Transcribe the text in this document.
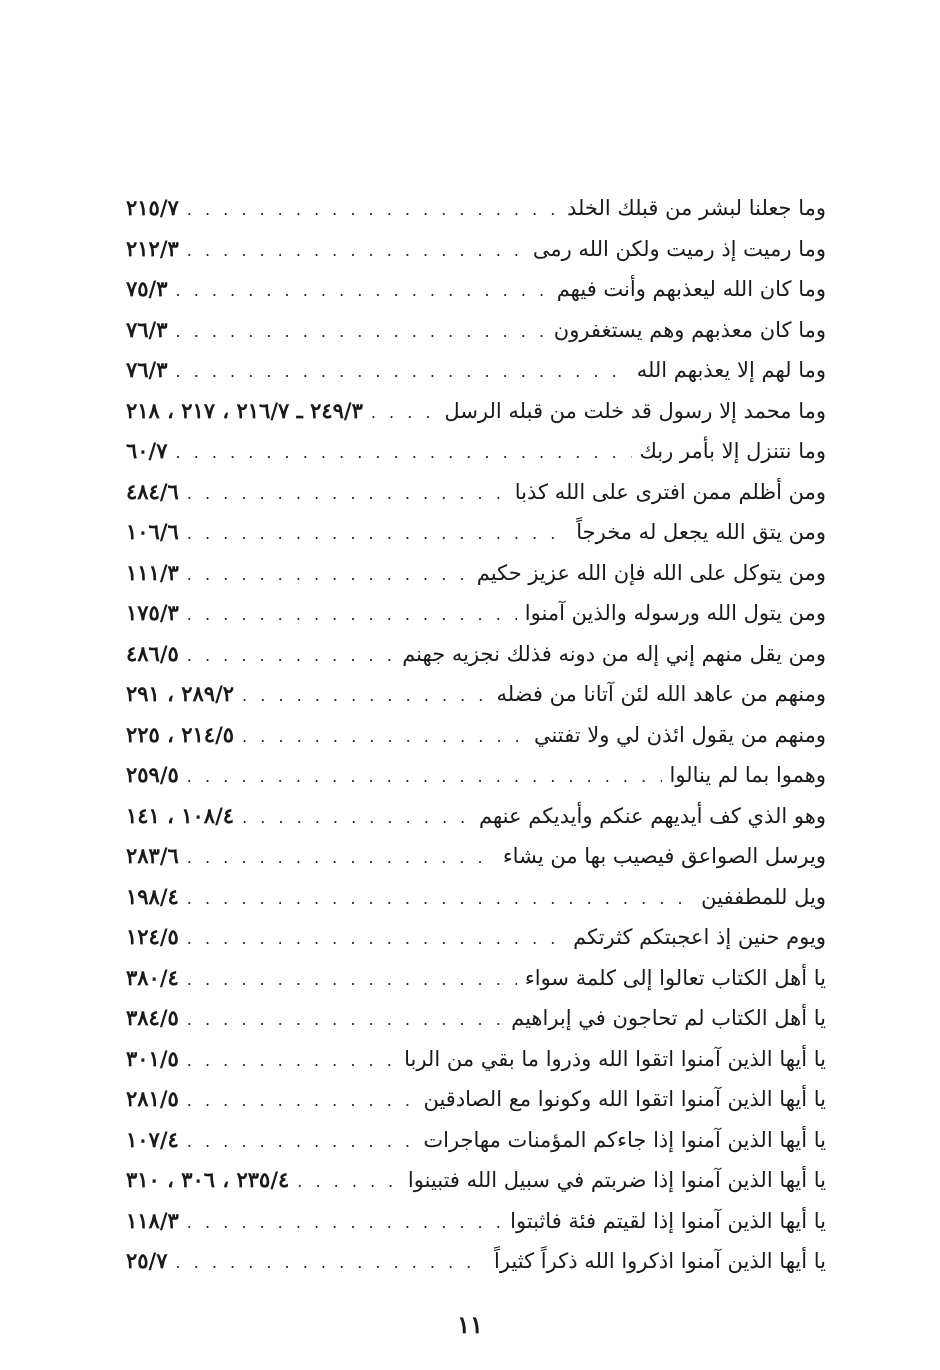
وما جعلنا لبشر من قبلك الخلد
. . .
٢١٥/٧
وما رميت إذ رميت ولكن الله رمى
. . .
٢١٢/٣
وما كان الله ليعذبهم وأنت فيهم
. . .
٧٥/٣
وما كان معذبهم وهم يستغفرون
. . .
٧٦/٣
وما لهم إلا يعذبهم الله
. . .
٧٦/٣
وما محمد إلا رسول قد خلت من قبله الرسل
. . .
٢٤٩/٣ ـ ٢١٦/٧ ، ٢١٧ ، ٢١٨
وما نتنزل إلا بأمر ربك
. . .
٦٠/٧
ومن أظلم ممن افترى على الله كذبا
. . .
٤٨٤/٦
ومن يتق الله يجعل له مخرجاً
. . .
١٠٦/٦
ومن يتوكل على الله فإن الله عزيز حكيم
. . .
١١١/٣
ومن يتول الله ورسوله والذين آمنوا
. . .
١٧٥/٣
ومن يقل منهم إني إله من دونه فذلك نجزيه جهنم
. . .
٤٨٦/٥
ومنهم من عاهد الله لئن آتانا من فضله
. . .
٢٨٩/٢ ، ٢٩١
ومنهم من يقول ائذن لي ولا تفتني
. . .
٢١٤/٥ ، ٢٢٥
وهموا بما لم ينالوا
. . .
٢٥٩/٥
وهو الذي كف أيديهم عنكم وأيديكم عنهم
. . .
١٠٨/٤ ، ١٤١
ويرسل الصواعق فيصيب بها من يشاء
. . .
٢٨٣/٦
ويل للمطففين
. . .
١٩٨/٤
ويوم حنين إذ اعجبتكم كثرتكم
. . .
١٢٤/٥
يا أهل الكتاب تعالوا إلى كلمة سواء
. . .
٣٨٠/٤
يا أهل الكتاب لم تحاجون في إبراهيم
. . .
٣٨٤/٥
يا أيها الذين آمنوا اتقوا الله وذروا ما بقي من الربا
. . .
٣٠١/٥
يا أيها الذين آمنوا اتقوا الله وكونوا مع الصادقين
. . .
٢٨١/٥
يا أيها الذين آمنوا إذا جاءكم المؤمنات مهاجرات
. . .
١٠٧/٤
يا أيها الذين آمنوا إذا ضربتم في سبيل الله فتبينوا
. . .
٢٣٥/٤ ، ٣٠٦ ، ٣١٠
يا أيها الذين آمنوا إذا لقيتم فئة فاثبتوا
. . .
١١٨/٣
يا أيها الذين آمنوا اذكروا الله ذكراً كثيراً
. . .
٢٥/٧
١١
